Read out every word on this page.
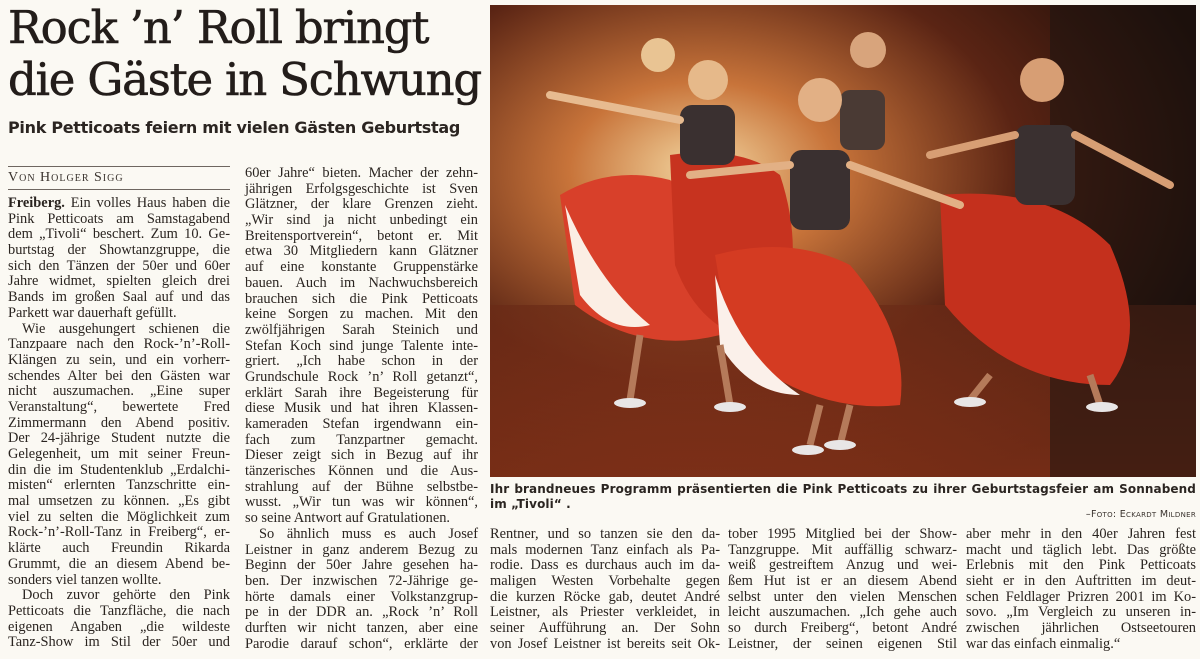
Rock ’n’ Roll bringt
die Gäste in Schwung
Pink Petticoats feiern mit vielen Gästen Geburtstag
Von Holger Sigg
Freiberg. Ein volles Haus haben die
Pink Petticoats am Samstagabend
dem „Tivoli“ beschert. Zum 10. Ge-
burtstag der Showtanzgruppe, die
sich den Tänzen der 50er und 60er
Jahre widmet, spielten gleich drei
Bands im großen Saal auf und das
Parkett war dauerhaft gefüllt.
Wie ausgehungert schienen die
Tanzpaare nach den Rock-’n’-Roll-
Klängen zu sein, und ein vorherr-
schendes Alter bei den Gästen war
nicht auszumachen. „Eine super
Veranstaltung“, bewertete Fred
Zimmermann den Abend positiv.
Der 24-jährige Student nutzte die
Gelegenheit, um mit seiner Freun-
din die im Studentenklub „Erdalchi-
misten“ erlernten Tanzschritte ein-
mal umsetzen zu können. „Es gibt
viel zu selten die Möglichkeit zum
Rock-’n’-Roll-Tanz in Freiberg“, er-
klärte auch Freundin Rikarda
Grummt, die an diesem Abend be-
sonders viel tanzen wollte.
Doch zuvor gehörte den Pink
Petticoats die Tanzfläche, die nach
eigenen Angaben „die wildeste
Tanz-Show im Stil der 50er und
60er Jahre“ bieten. Macher der zehn-
jährigen Erfolgsgeschichte ist Sven
Glätzner, der klare Grenzen zieht.
„Wir sind ja nicht unbedingt ein
Breitensportverein“, betont er. Mit
etwa 30 Mitgliedern kann Glätzner
auf eine konstante Gruppenstärke
bauen. Auch im Nachwuchsbereich
brauchen sich die Pink Petticoats
keine Sorgen zu machen. Mit den
zwölfjährigen Sarah Steinich und
Stefan Koch sind junge Talente inte-
griert. „Ich habe schon in der
Grundschule Rock ’n’ Roll getanzt“,
erklärt Sarah ihre Begeisterung für
diese Musik und hat ihren Klassen-
kameraden Stefan irgendwann ein-
fach zum Tanzpartner gemacht.
Dieser zeigt sich in Bezug auf ihr
tänzerisches Können und die Aus-
strahlung auf der Bühne selbstbe-
wusst. „Wir tun was wir können“,
so seine Antwort auf Gratulationen.
So ähnlich muss es auch Josef
Leistner in ganz anderem Bezug zu
Beginn der 50er Jahre gesehen ha-
ben. Der inzwischen 72-Jährige ge-
hörte damals einer Volkstanzgrup-
pe in der DDR an. „Rock ’n’ Roll
durften wir nicht tanzen, aber eine
Parodie darauf schon“, erklärte der
Rentner, und so tanzen sie den da-
mals modernen Tanz einfach als Pa-
rodie. Dass es durchaus auch im da-
maligen Westen Vorbehalte gegen
die kurzen Röcke gab, deutet André
Leistner, als Priester verkleidet, in
seiner Aufführung an. Der Sohn
von Josef Leistner ist bereits seit Ok-
tober 1995 Mitglied bei der Show-
Tanzgruppe. Mit auffällig schwarz-
weiß gestreiftem Anzug und wei-
ßem Hut ist er an diesem Abend
selbst unter den vielen Menschen
leicht auszumachen. „Ich gehe auch
so durch Freiberg“, betont André
Leistner, der seinen eigenen Stil
aber mehr in den 40er Jahren fest
macht und täglich lebt. Das größte
Erlebnis mit den Pink Petticoats
sieht er in den Auftritten im deut-
schen Feldlager Prizren 2001 im Ko-
sovo. „Im Vergleich zu unseren in-
zwischen jährlichen Ostseetouren
war das einfach einmalig.“
Ihr brandneues Programm präsentierten die Pink Petticoats zu ihrer Geburtstagsfeier am Sonnabend im „Tivoli“ .
–Foto: Eckardt Mildner
